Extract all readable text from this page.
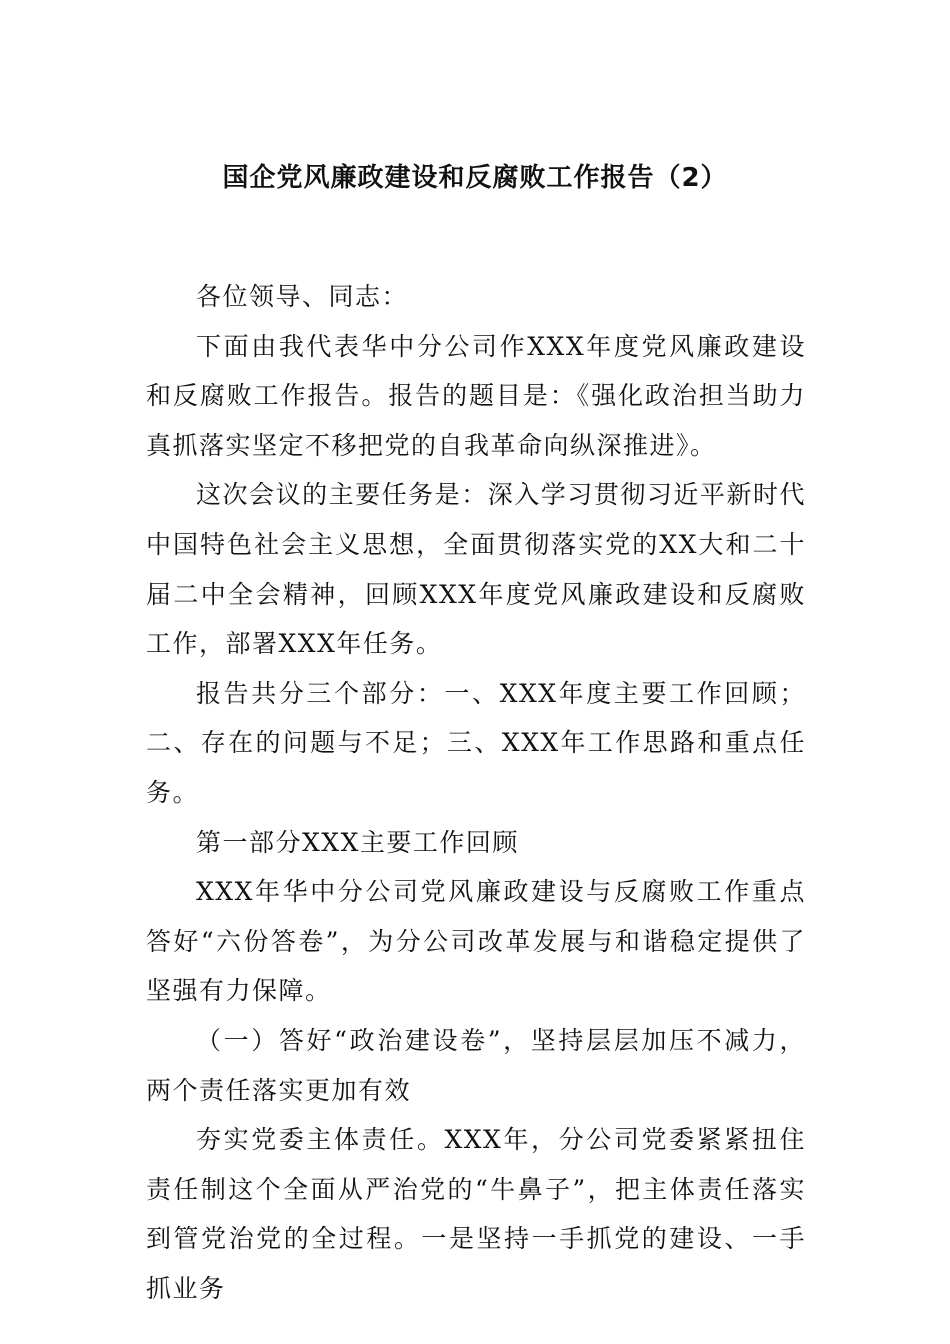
国企党风廉政建设和反腐败工作报告（2）

各位领导、同志：

下面由我代表华中分公司作XXX年度党风廉政建设和反腐败工作报告。报告的题目是：《强化政治担当助力真抓落实坚定不移把党的自我革命向纵深推进》。

这次会议的主要任务是：深入学习贯彻习近平新时代中国特色社会主义思想，全面贯彻落实党的XX大和二十届二中全会精神，回顾XXX年度党风廉政建设和反腐败工作，部署XXX年任务。

报告共分三个部分：一、XXX年度主要工作回顾；二、存在的问题与不足；三、XXX年工作思路和重点任务。

第一部分XXX主要工作回顾

XXX年华中分公司党风廉政建设与反腐败工作重点答好“六份答卷”，为分公司改革发展与和谐稳定提供了坚强有力保障。

（一）答好“政治建设卷”，坚持层层加压不减力，两个责任落实更加有效

夯实党委主体责任。XXX年，分公司党委紧紧扭住责任制这个全面从严治党的“牛鼻子”，把主体责任落实到管党治党的全过程。一是坚持一手抓党的建设、一手抓业务
